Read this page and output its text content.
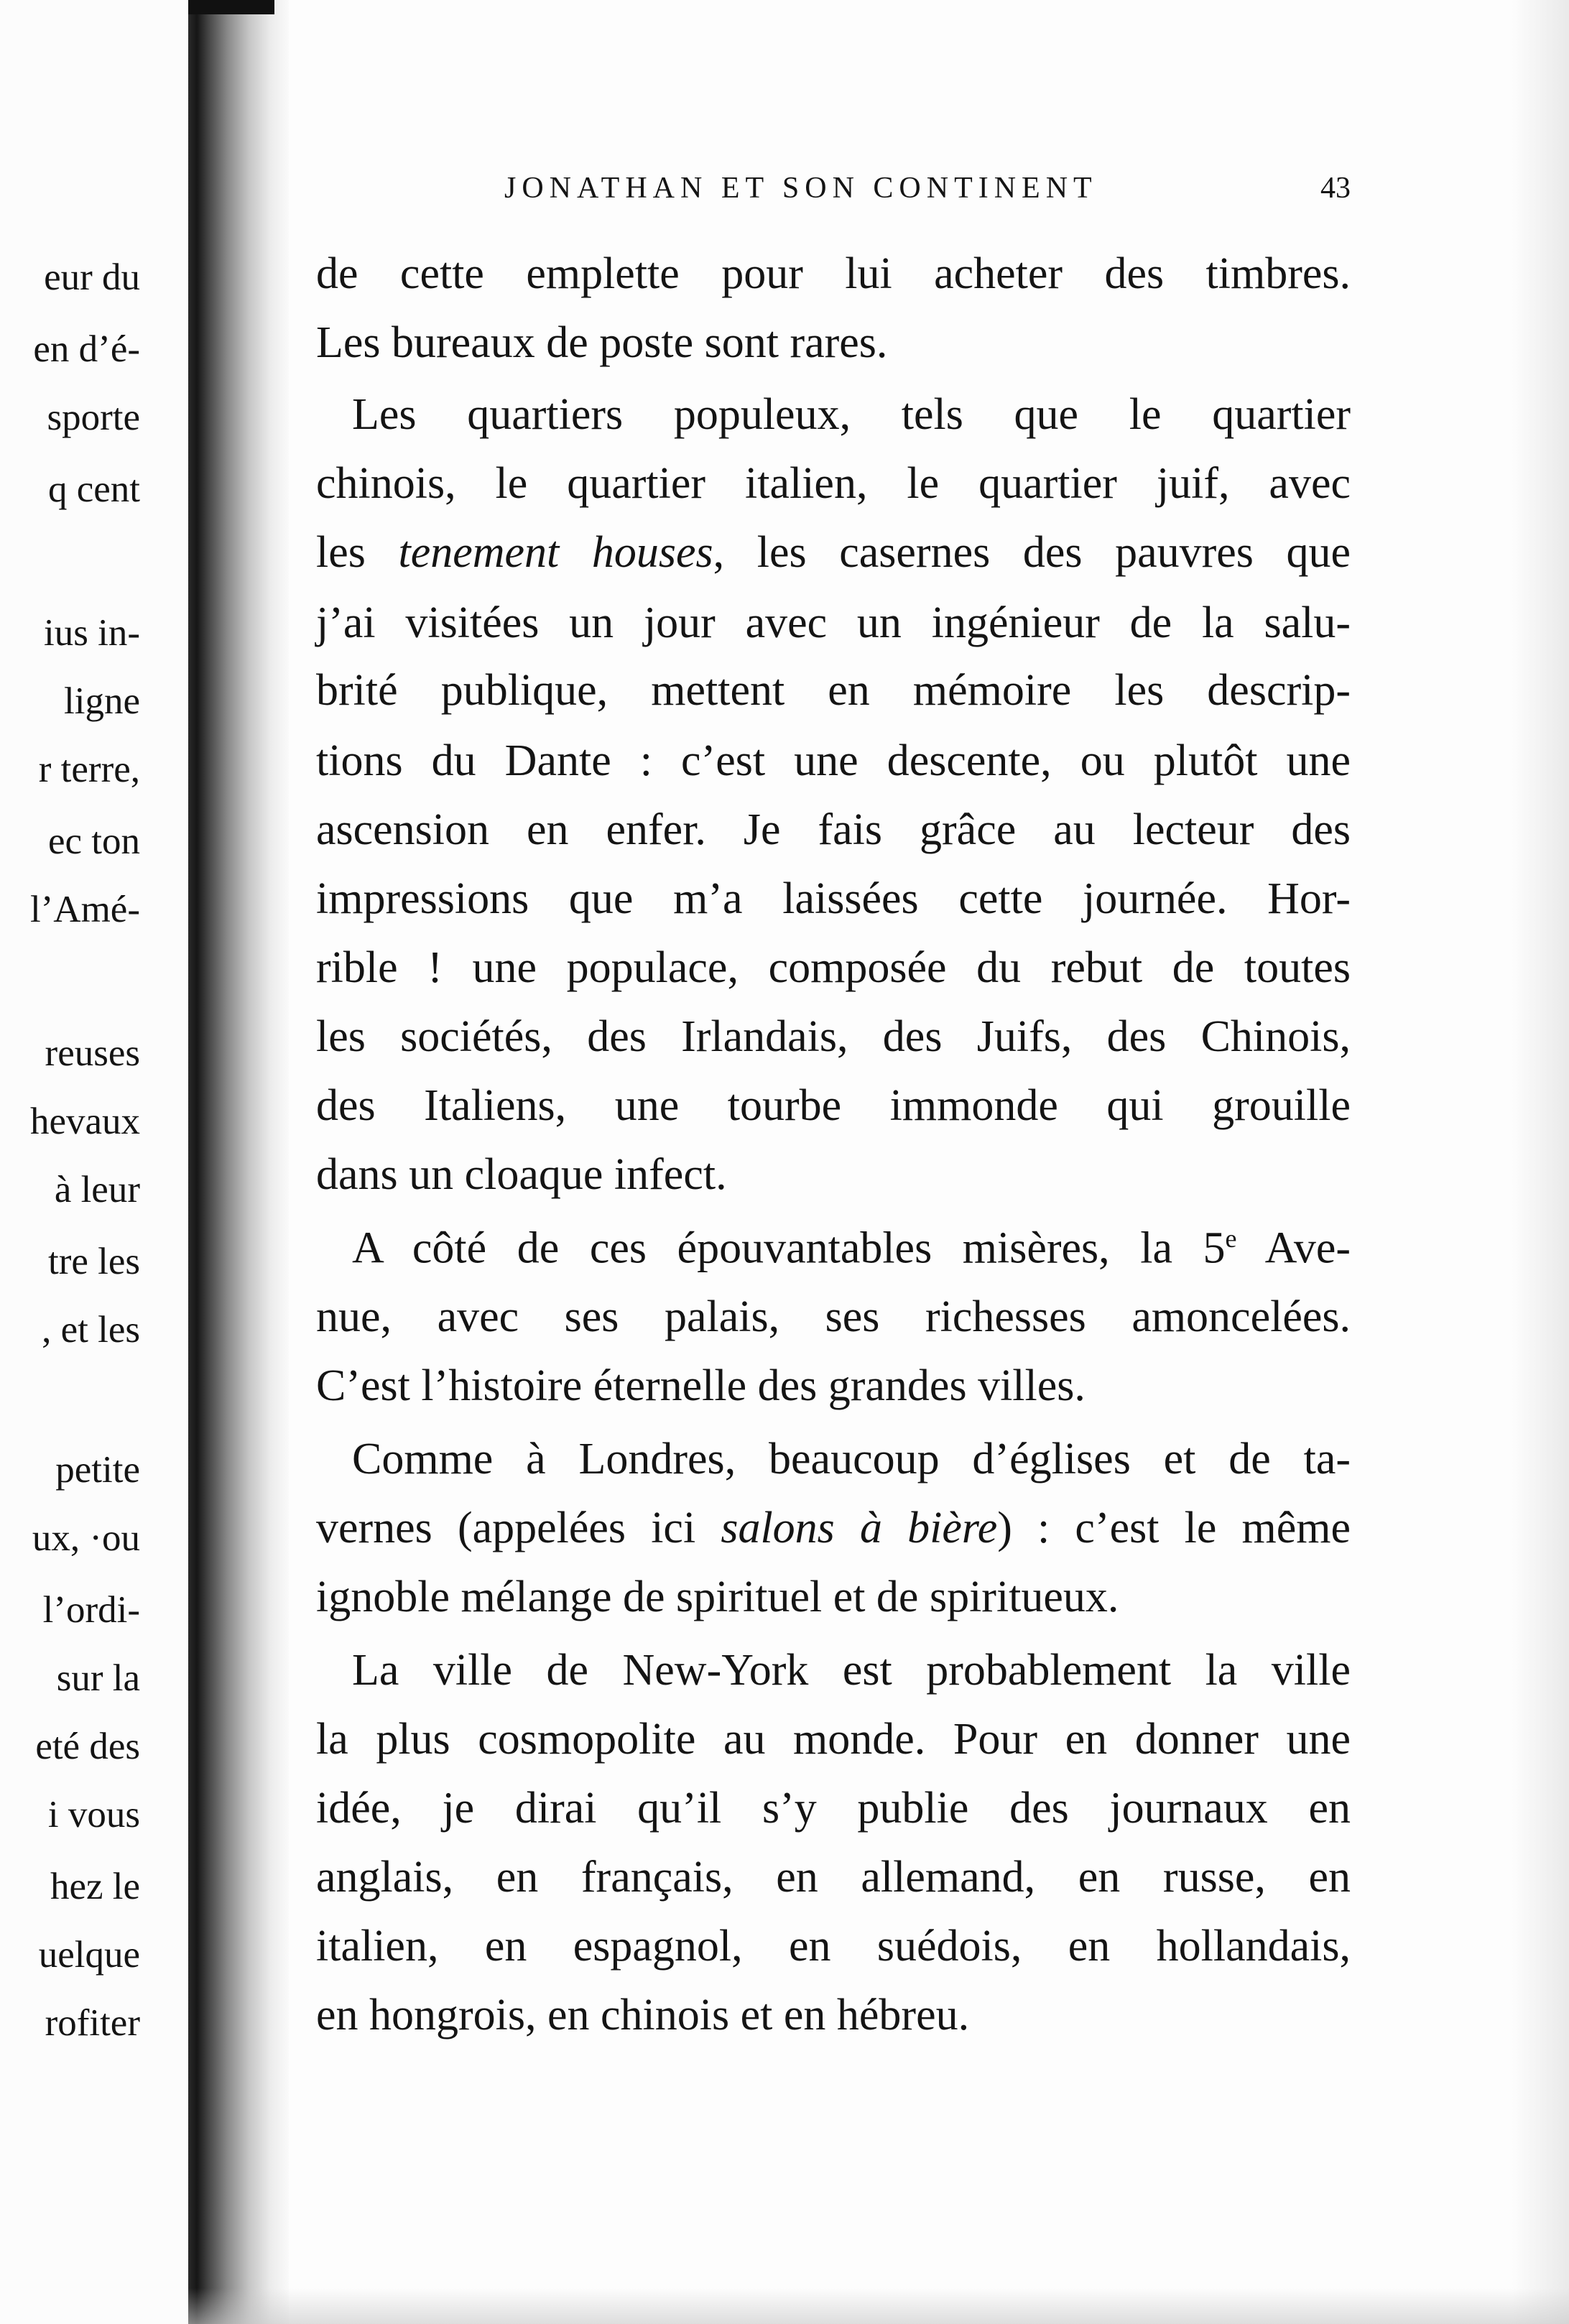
eur du
en d’é-
sporte
q cent
ius in-
ligne
r terre,
ec ton
l’Amé-
reuses
hevaux
à leur
tre les
, et les
petite
ux, ·ou
l’ordi-
sur la
eté des
i vous
hez le
uelque
rofiter
JONATHAN ET SON CONTINENT	43
de cette emplette pour lui acheter des timbres.
Les bureaux de poste sont rares.
Les quartiers populeux, tels que le quartier
chinois, le quartier italien, le quartier juif, avec
les tenement houses, les casernes des pauvres que
j’ai visitées un jour avec un ingénieur de la salu-
brité publique, mettent en mémoire les descrip-
tions du Dante : c’est une descente, ou plutôt une
ascension en enfer. Je fais grâce au lecteur des
impressions que m’a laissées cette journée. Hor-
rible ! une populace, composée du rebut de toutes
les sociétés, des Irlandais, des Juifs, des Chinois,
des Italiens, une tourbe immonde qui grouille
dans un cloaque infect.
A côté de ces épouvantables misères, la 5e Ave-
nue, avec ses palais, ses richesses amoncelées.
C’est l’histoire éternelle des grandes villes.
Comme à Londres, beaucoup d’églises et de ta-
vernes (appelées ici salons à bière) : c’est le même
ignoble mélange de spirituel et de spiritueux.
La ville de New-York est probablement la ville
la plus cosmopolite au monde. Pour en donner une
idée, je dirai qu’il s’y publie des journaux en
anglais, en français, en allemand, en russe, en
italien, en espagnol, en suédois, en hollandais,
en hongrois, en chinois et en hébreu.
